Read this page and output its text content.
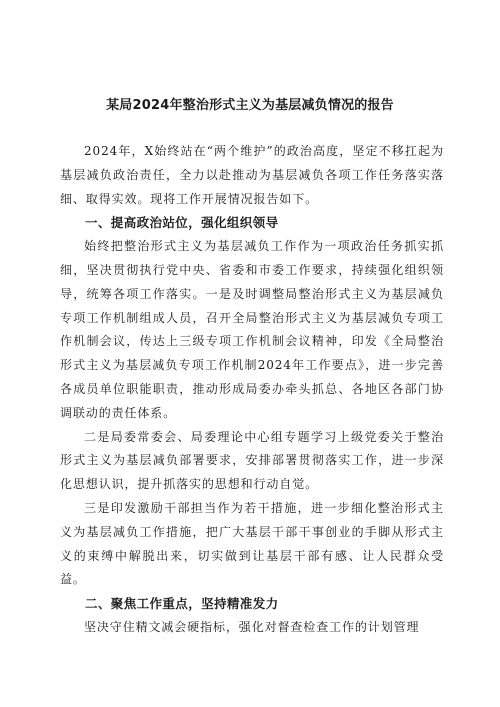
某局2024年整治形式主义为基层减负情况的报告

2024年，X始终站在“两个维护”的政治高度，坚定不移扛起为基层减负政治责任，全力以赴推动为基层减负各项工作任务落实落细、取得实效。现将工作开展情况报告如下。

一、提高政治站位，强化组织领导

始终把整治形式主义为基层减负工作作为一项政治任务抓实抓细，坚决贯彻执行党中央、省委和市委工作要求，持续强化组织领导，统筹各项工作落实。一是及时调整局整治形式主义为基层减负专项工作机制组成人员，召开全局整治形式主义为基层减负专项工作机制会议，传达上三级专项工作机制会议精神，印发《全局整治形式主义为基层减负专项工作机制2024年工作要点》，进一步完善各成员单位职能职责，推动形成局委办牵头抓总、各地区各部门协调联动的责任体系。

二是局委常委会、局委理论中心组专题学习上级党委关于整治形式主义为基层减负部署要求，安排部署贯彻落实工作，进一步深化思想认识，提升抓落实的思想和行动自觉。

三是印发激励干部担当作为若干措施，进一步细化整治形式主义为基层减负工作措施，把广大基层干部干事创业的手脚从形式主义的束缚中解脱出来，切实做到让基层干部有感、让人民群众受益。

二、聚焦工作重点，坚持精准发力

坚决守住精文减会硬指标，强化对督查检查工作的计划管理
